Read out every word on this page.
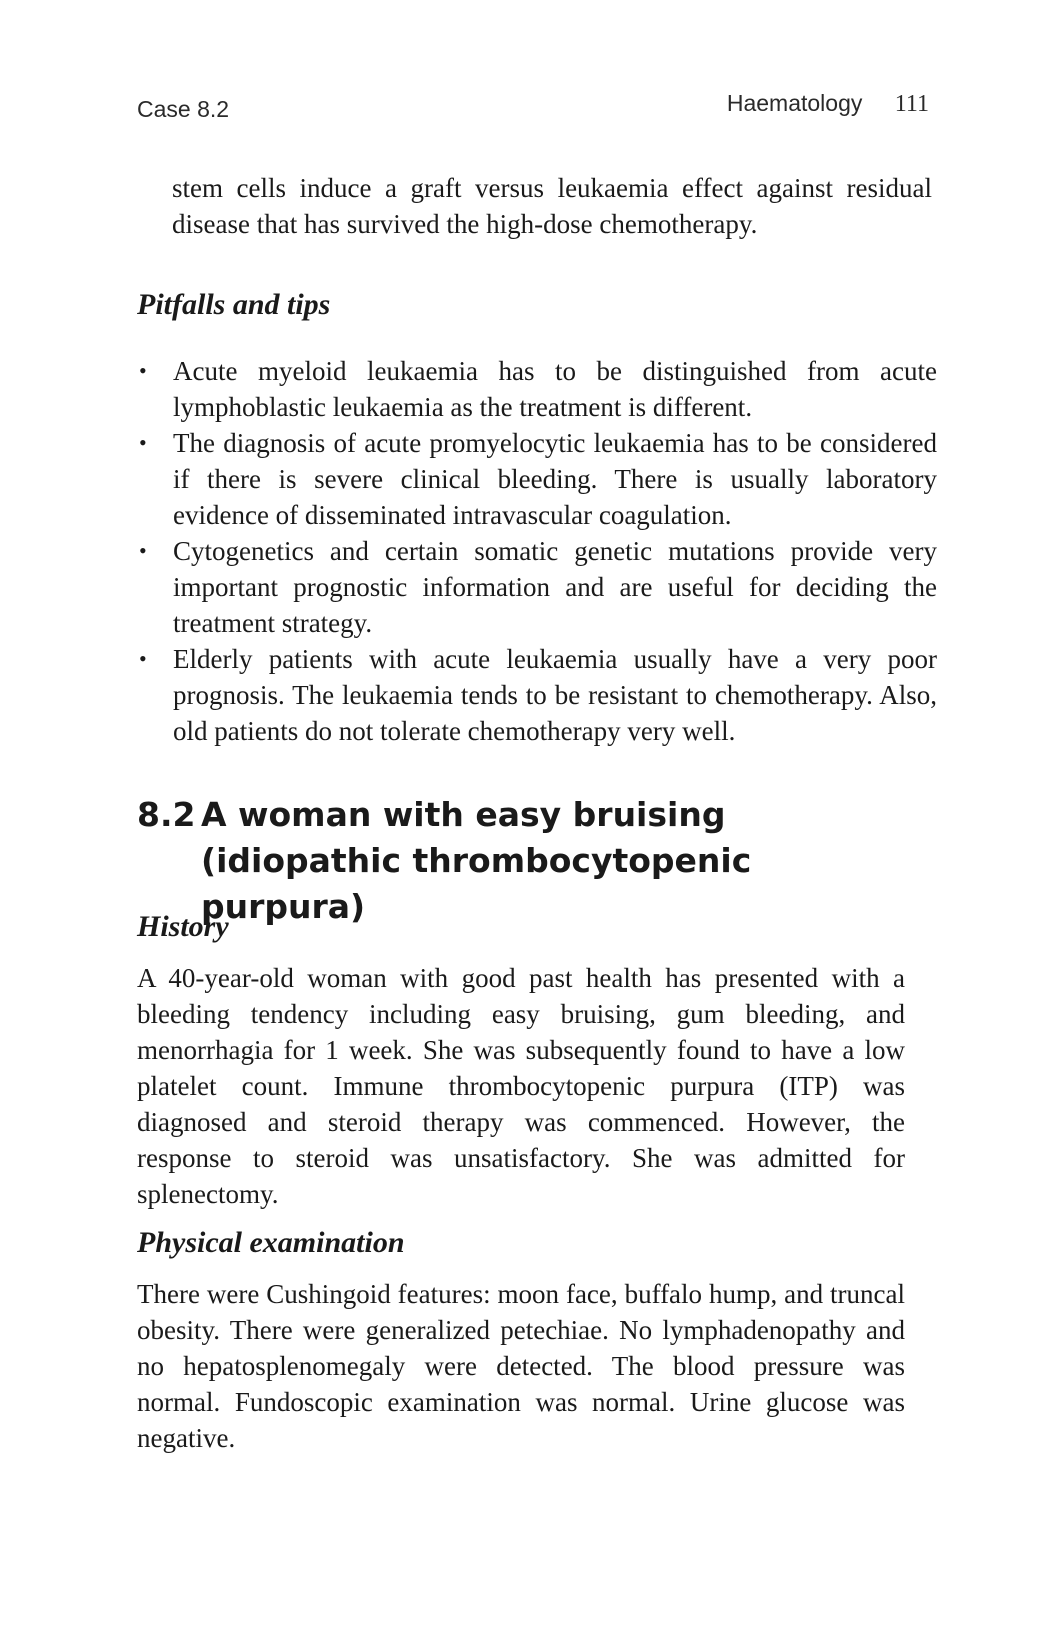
Case 8.2	Haematology 111

stem cells induce a graft versus leukaemia effect against residual disease that has survived the high-dose chemotherapy.

Pitfalls and tips
• Acute myeloid leukaemia has to be distinguished from acute lymphoblastic leukaemia as the treatment is different.
• The diagnosis of acute promyelocytic leukaemia has to be considered if there is severe clinical bleeding. There is usually laboratory evidence of disseminated intravascular coagulation.
• Cytogenetics and certain somatic genetic mutations provide very important prognostic information and are useful for deciding the treatment strategy.
• Elderly patients with acute leukaemia usually have a very poor prognosis. The leukaemia tends to be resistant to chemotherapy. Also, old patients do not tolerate chemotherapy very well.
8.2 A woman with easy bruising (idiopathic thrombocytopenic purpura)
History

A 40-year-old woman with good past health has presented with a bleeding tendency including easy bruising, gum bleeding, and menorrhagia for 1 week. She was subsequently found to have a low platelet count. Immune thrombocytopenic purpura (ITP) was diagnosed and steroid therapy was commenced. However, the response to steroid was unsatisfactory. She was admitted for splenectomy.

Physical examination

There were Cushingoid features: moon face, buffalo hump, and truncal obesity. There were generalized petechiae. No lymphadenopathy and no hepatosplenomegaly were detected. The blood pressure was normal. Fundoscopic examination was normal. Urine glucose was negative.
